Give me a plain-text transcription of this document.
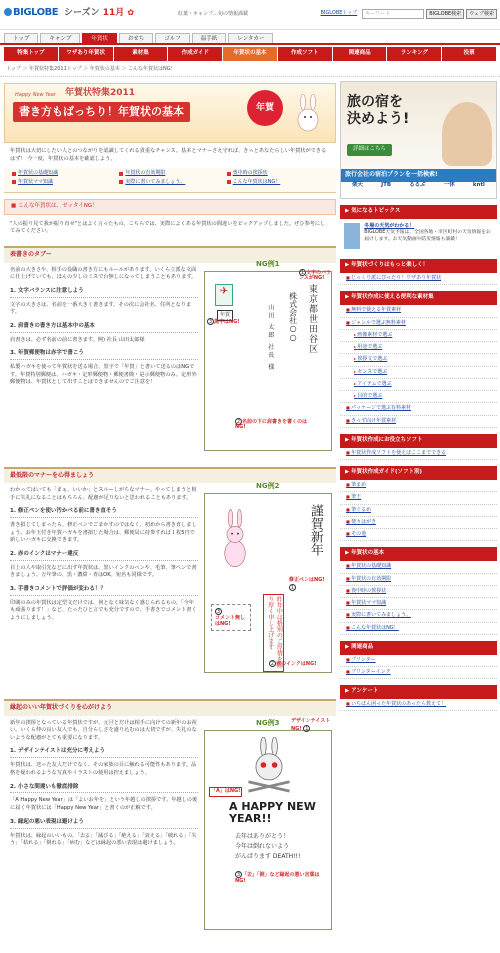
BIGLOBE シーズン 11月 ✿	紅葉・キャンプ…旬の情報満載	BIGLOBEトップ	キーワード	BIGLOBE検索	ウェブ検索
トップ	キャンプ	年賀状	おせち	ゴルフ	温手紙	レンタカー
特集トップ	ワザあり年賀状	素材集	作成ガイド	年賀状の基本	作成ソフト	関連商品	ランキング	投票
トップ ＞ 年賀状特集2011トップ ＞ 年賀状の基本 ＞ こんな年賀状はNG！
Happy New Year 年賀状特集2011
書き方もばっちり！年賀状の基本	年賀
年賀状は大切にしたい人とのつながりを認識してくれる貴重なチャンス。基本とマナーさえ守れば、きっとあなたらしい年賀状ができるはず！ 今一度、年賀状の基本を確認しよう。
年賀状の基礎知識	年賀状の有効期限	喪中時の挨拶状
年賀状ママ知識	実際に書いてみましょう。	こんな年賀状はNG！
■ こんな年賀状は、ゼッタイNG！
"人の振り見て我が振り直せ"とはよく言ったもの。こちらでは、実際によくある年賀状の間違いをピックアップしました。ぜひ参考にしてみてください。
表書きのタブー

名前の大きさや、相手の役職の書き方にもルールがあります。いくら立派な文面に仕上げていても、ほんの少しのミスで台無しになってしまうこともあります。

1. 文字バランスに注意しよう

文字の大きさは、名前を一番大きく書きます。その次に会社名、住所となります。

2. 肩書きの書き方は基本中の基本

肩書きは、必ず名前の前に書きます。例) 社長 山田太郎様

3. 年賀郵便物は赤字で書こう

私製ハガキを使って年賀状を送る場合、黒字で「年賀」と書いて送るのはNGです。年賀特別郵便は、ハガキ・定形郵便物・郵便書簡・是示郵便物のみ。定形外郵便物は、年賀状として出すことはできませんのでご注意を！

NG例1
✈
年賀	東京都世田谷区
株式会社○○
山田 太郎 社長 様
1 文字のバランスがNG!
3 黒字はNG!
2 名前の下に肩書きを書くのはNG!
最低限のマナーを心得ましょう

わかってはいても「まぁ、いいか」とスルーしがちなマナー。やってしまうと相手に失礼になることはもちろん、配慮が足りないと思われることもあります。

1. 修正ペンを使い汚かべる前に書き直そう

書き損じてしまったら、修正ペンでごまかすのではなく、初めから書き直しましょう。お年玉付き年賀ハガキを書損じた場合は、郵便局に持参すれば１枚5円で新しいハガキに交換できます。

2. 赤のインクはマナー違反

目上の人や取引先などに出す年賀状は、黒いインクのペンや、毛筆、筆ペンで書きましょう。万年筆の、黒・濃紺・青はOK。宛名も同様です。

3. 手書きコメントで評価が変わる！？

印刷のみの年賀状は定型文だけでは、何となく味気なく感じられるもの。「今年も頑張ります！」など、たったひと言でも充分ですので、手書きでコメント書くようにしましょう。

NG例2
謹賀新年
昨年中は格別のご厚情を賜り厚く申し上げます
修正ペンはNG! 1
3
コメント無しはNG!
2 赤のインクはNG!
縁起のいい年賀状づくりを心がけよう

新年の挨拶となっている年賀状ですが、元旦とだけは相手に向けての新年のお祝い。いくら仲の良い友人でも、自分らしさを盛り込むのは大切ですが、失礼のないような配慮がとても重要になります。

1. デザインテイストは充分に考えよう

年賀状は、送った友人だけでなく、その家族の目に触れる可能性もあります。品格を疑われるような写真やイラストの使用は控えましょう。

2. 小さな間違いも徹底排除

「A Happy New Year」は「よいお年を」という年越しの挨拶です。年越しの後に届く年賀状には「Happy New Year」と書くのが正解です。

3. 縁起の悪い表現は避けよう

年賀状は、縁起のいいもの。「去る」「滅びる」「絶える」「衰える」「破れる」「失う」「枯れる」「倒れる」「病む」などは縁起の悪い表現は避けましょう。

NG例3
A HAPPY NEW YEAR!!
去年はありがとう！
今年は倒れないよう
がんばります DEATH!!!
デザインテイストNG! 1
「A」はNG!
3 「去」「倒」など縁起の悪い言葉はNG!
旅の宿を
決めよう!
詳細はこちら
旅行会社の宿泊プランを一括検索!
楽天	JTB	るるぶ	一休	kntl
▶ 気になるトピックス
冬場の天気がわかる！
BIGLOBE天気予報は、全国各地・市区町村の天気情報をお届けします。お天気動画や防災情報も満載！
▶ 年賀状づくりはもっと楽しく！
■ じっくり派にぴったり！ワザあり年賀状
▶ 年賀状作成に使える便利な素材集
■ 無料で使える年賀素材
■ ジャンルで選ぶ無料素材
▸ 画像素材で選ぶ
▸ 用途で選ぶ
▸ 挨拶文で選ぶ
▸ センスで選ぶ
▸ アイテムで選ぶ
▸ 目的で選ぶ
■ パッケージで選ぶ有料素材
■ きっず向け年賀素材
▶ 年賀状作成にお役立ちソフト
■ 年賀状作成ソフトを使えばここまでできる
▶ 年賀状作成ガイド(ソフト別)
■ 筆まめ
■ 筆王
■ 筆ぐるめ
■ 楽々はがき
■ その他
▶ 年賀状の基本
■ 年賀状の基礎知識
■ 年賀状の有効期限
■ 喪中時の挨拶状
■ 年賀状ママ知識
■ 実際に書いてみましょう。
■ こんな年賀状はNG！
▶ 関連商品
■ プリンター
■ プリンターインク
▶ アンケート
■ いちばん困った年賀状のあったら教えて！
